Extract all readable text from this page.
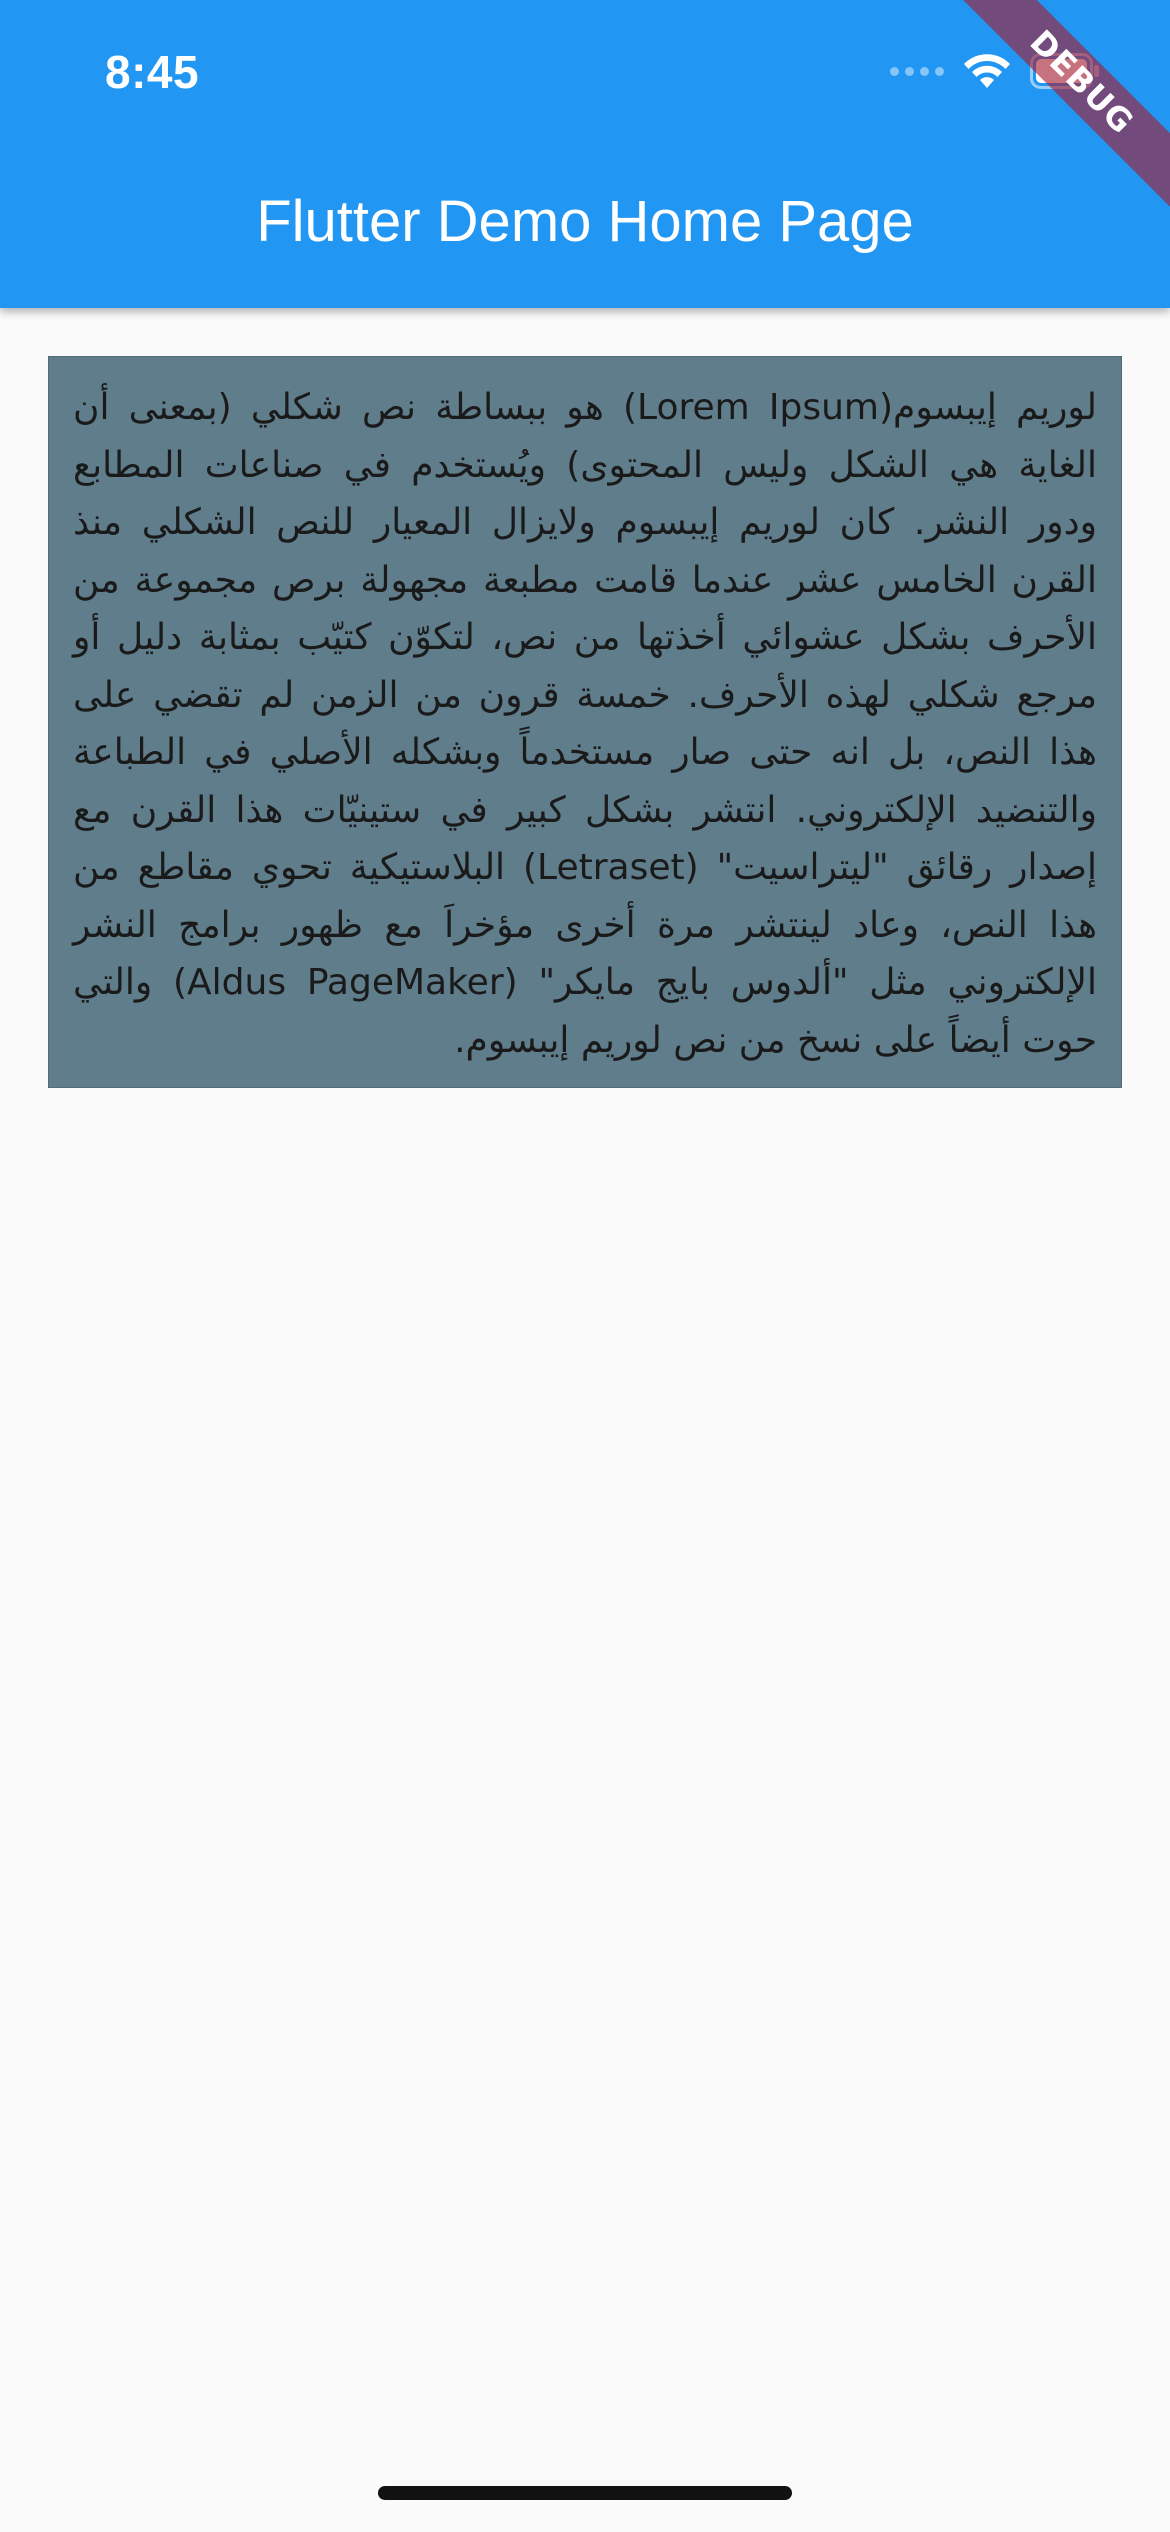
8:45
Flutter Demo Home Page
DEBUG

لوريم إيبسوم(Lorem Ipsum) هو ببساطة نص شكلي (بمعنى أن الغاية هي الشكل وليس المحتوى) ويُستخدم في صناعات المطابع ودور النشر. كان لوريم إيبسوم ولايزال المعيار للنص الشكلي منذ القرن الخامس عشر عندما قامت مطبعة مجهولة برص مجموعة من الأحرف بشكل عشوائي أخذتها من نص، لتكوّن كتيّب بمثابة دليل أو مرجع شكلي لهذه الأحرف. خمسة قرون من الزمن لم تقضي على هذا النص، بل انه حتى صار مستخدماً وبشكله الأصلي في الطباعة والتنضيد الإلكتروني. انتشر بشكل كبير في ستينيّات هذا القرن مع إصدار رقائق "ليتراسيت" (Letraset) البلاستيكية تحوي مقاطع من هذا النص، وعاد لينتشر مرة أخرى مؤخراَ مع ظهور برامج النشر الإلكتروني مثل "ألدوس بايج مايكر" (Aldus PageMaker) والتي حوت أيضاً على نسخ من نص لوريم إيبسوم.
